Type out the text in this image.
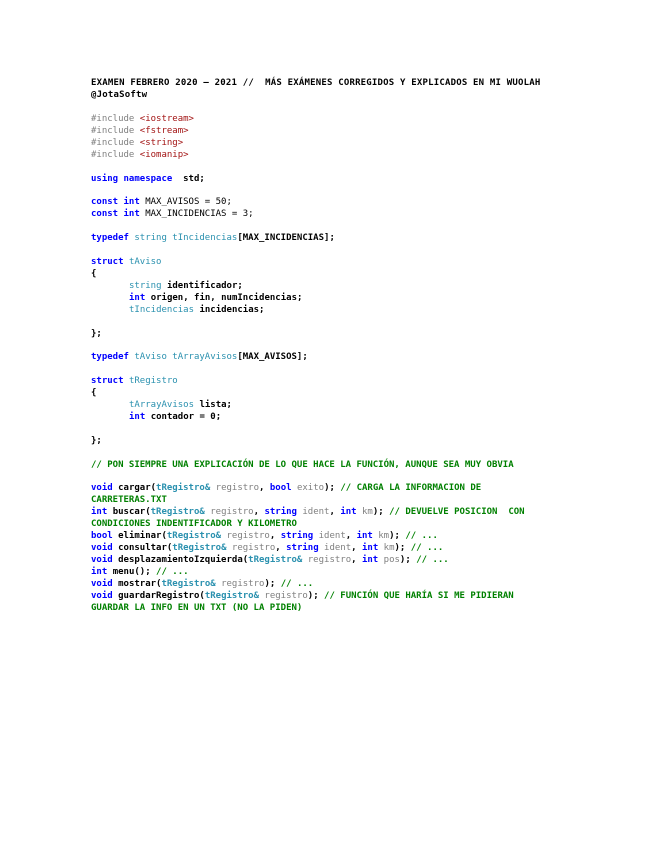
EXAMEN FEBRERO 2020 – 2021 //  MÁS EXÁMENES CORREGIDOS Y EXPLICADOS EN MI WUOLAH
@JotaSoftw
#include <iostream>
#include <fstream>
#include <string>
#include <iomanip>
using namespace std;
const int MAX_AVISOS = 50;
const int MAX_INCIDENCIAS = 3;
typedef string tIncidencias[MAX_INCIDENCIAS];
struct tAviso
{
string identificador;
int origen, fin, numIncidencias;
tIncidencias incidencias;
};
typedef tAviso tArrayAvisos[MAX_AVISOS];
struct tRegistro
{
tArrayAvisos lista;
int contador = 0;
};
// PON SIEMPRE UNA EXPLICACIÓN DE LO QUE HACE LA FUNCIÓN, AUNQUE SEA MUY OBVIA
void cargar(tRegistro& registro, bool exito); // CARGA LA INFORMACION DE
CARRETERAS.TXT
int buscar(tRegistro& registro, string ident, int km); // DEVUELVE POSICION  CON
CONDICIONES INDENTIFICADOR Y KILOMETRO
bool eliminar(tRegistro& registro, string ident, int km); // ...
void consultar(tRegistro& registro, string ident, int km); // ...
void desplazamientoIzquierda(tRegistro& registro, int pos); // ...
int menu(); // ...
void mostrar(tRegistro& registro); // ...
void guardarRegistro(tRegistro& registro); // FUNCIÓN QUE HARÍA SI ME PIDIERAN
GUARDAR LA INFO EN UN TXT (NO LA PIDEN)
